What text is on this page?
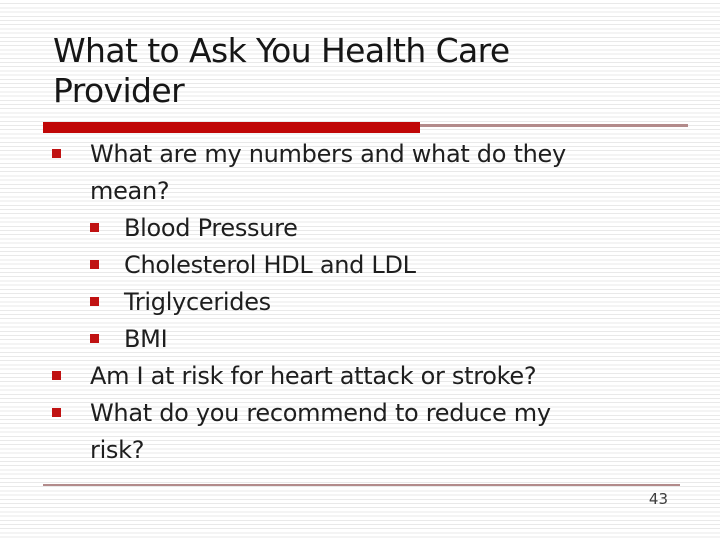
What to Ask You Health Care
Provider
What are my numbers and what do they
mean?
Blood Pressure
Cholesterol HDL and LDL
Triglycerides
BMI
Am I at risk for heart attack or stroke?
What do you recommend to reduce my
risk?
43
